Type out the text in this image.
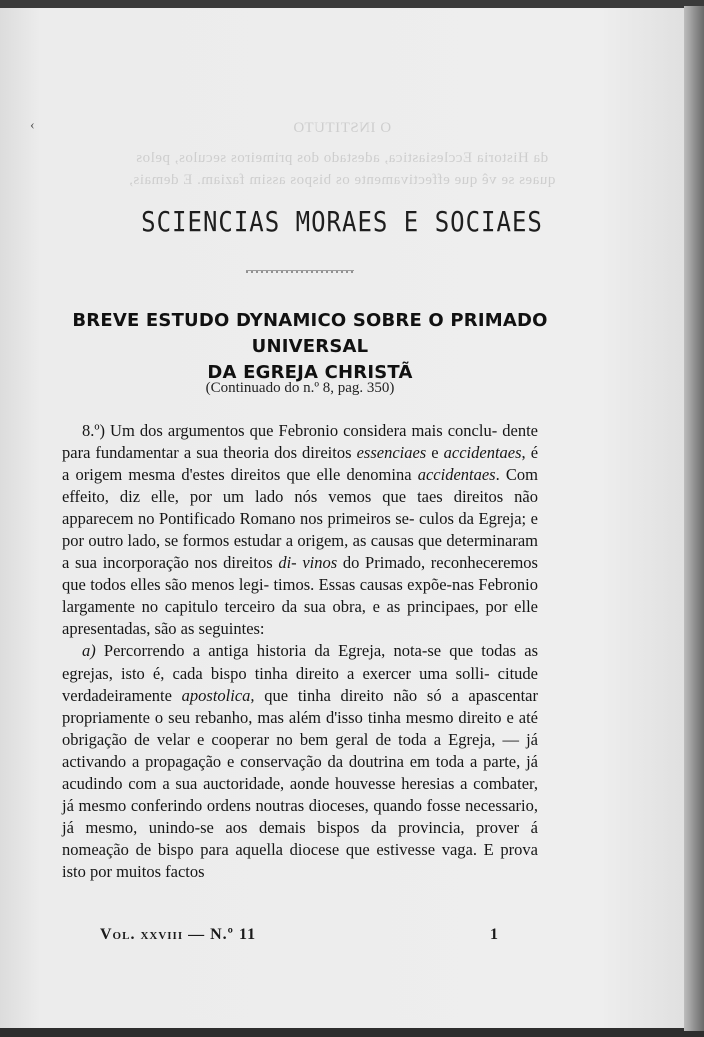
O INSTITUTO
da Historia Ecclesiastica, adestado dos primeiros seculos, pelos
quaes se vê que effectivamente os bispos assim faziam. E demais,
‹
SCIENCIAS MORAES E SOCIAES
BREVE ESTUDO DYNAMICO SOBRE O PRIMADO UNIVERSAL
DA EGREJA CHRISTÃ
(Continuado do n.º 8, pag. 350)

8.º) Um dos argumentos que Febronio considera mais conclu- dente para fundamentar a sua theoria dos direitos essenciaes e accidentaes, é a origem mesma d'estes direitos que elle denomina accidentaes. Com effeito, diz elle, por um lado nós vemos que taes direitos não apparecem no Pontificado Romano nos primeiros se- culos da Egreja; e por outro lado, se formos estudar a origem, as causas que determinaram a sua incorporação nos direitos di- vinos do Primado, reconheceremos que todos elles são menos legi- timos. Essas causas expõe-nas Febronio largamente no capitulo terceiro da sua obra, e as principaes, por elle apresentadas, são as seguintes:

a) Percorrendo a antiga historia da Egreja, nota-se que todas as egrejas, isto é, cada bispo tinha direito a exercer uma solli- citude verdadeiramente apostolica, que tinha direito não só a apascentar propriamente o seu rebanho, mas além d'isso tinha mesmo direito e até obrigação de velar e cooperar no bem geral de toda a Egreja, — já activando a propagação e conservação da doutrina em toda a parte, já acudindo com a sua auctoridade, aonde houvesse heresias a combater, já mesmo conferindo ordens noutras dioceses, quando fosse necessario, já mesmo, unindo-se aos demais bispos da provincia, prover á nomeação de bispo para aquella diocese que estivesse vaga. E prova isto por muitos factos

Vol. xxviii — N.º 11	1
